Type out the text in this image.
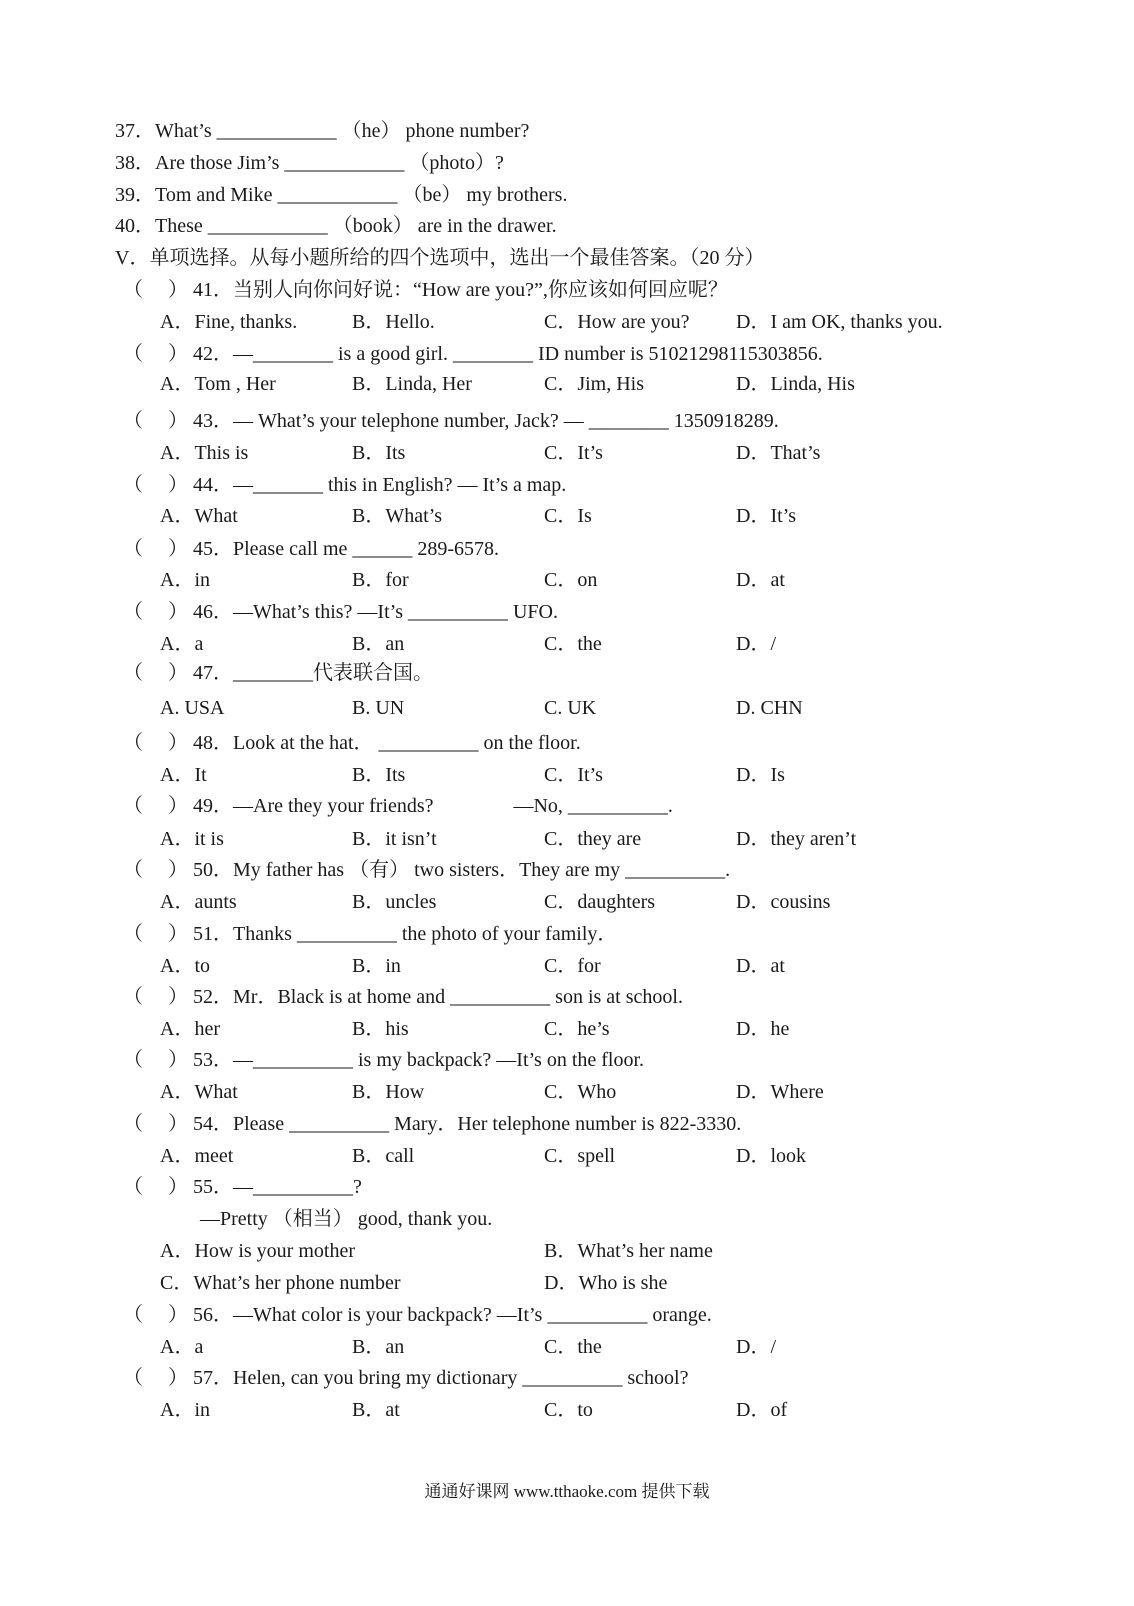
37．What’s ____________ （he） phone number?
38．Are those Jim’s ____________ （photo）?
39．Tom and Mike ____________ （be） my brothers.
40．These ____________ （book） are in the drawer.
V．单项选择。从每小题所给的四个选项中，选出一个最佳答案。（20 分）
（　 ） 41．当别人向你问好说：“How are you?”,你应该如何回应呢？
A．Fine, thanks.	B．Hello.	C．How are you? D．I am OK, thanks you.
（　 ） 42．—________ is a good girl. ________ ID number is 51021298115303856.
A．Tom , Her	B．Linda, Her	C．Jim, His	D．Linda, His
（　 ） 43．— What’s your telephone number, Jack? — ________ 1350918289.
A．This is	B．Its	C．It’s	D．That’s
（　 ） 44．—_______ this in English? — It’s a map.
A．What	B．What’s	C．Is	D．It’s
（　 ） 45．Please call me ______ 289-6578.
A．in	B．for	C．on	D．at
（　 ） 46．—What’s this? —It’s __________ UFO.
A．a	B．an	C．the	D．/
（　 ） 47．________代表联合国。
A. USA	B. UN	C. UK	D. CHN
（　 ） 48．Look at the hat． __________ on the floor.
A．It	B．Its	C．It’s	D．Is
（　 ） 49．—Are they your friends?　　　　—No, __________.
A．it is	B．it isn’t	C．they are	D．they aren’t
（　 ） 50．My father has （有） two sisters．They are my __________.
A．aunts	B．uncles	C．daughters	D．cousins
（　 ） 51．Thanks __________ the photo of your family．
A．to	B．in	C．for	D．at
（　 ） 52．Mr．Black is at home and __________ son is at school.
A．her	B．his	C．he’s	D．he
（　 ） 53．—__________ is my backpack? —It’s on the floor.
A．What	B．How	C．Who	D．Where
（　 ） 54．Please __________ Mary．Her telephone number is 822-3330.
A．meet	B．call	C．spell	D．look
（　 ） 55．—__________?
—Pretty （相当） good, thank you.
A．How is your mother	B．What’s her name
C．What’s her phone number	D．Who is she
（　 ） 56．—What color is your backpack? —It’s __________ orange.
A．a	B．an	C．the	D．/
（　 ） 57．Helen, can you bring my dictionary __________ school?
A．in	B．at	C．to	D．of
通通好课网 www.tthaoke.com 提供下载
